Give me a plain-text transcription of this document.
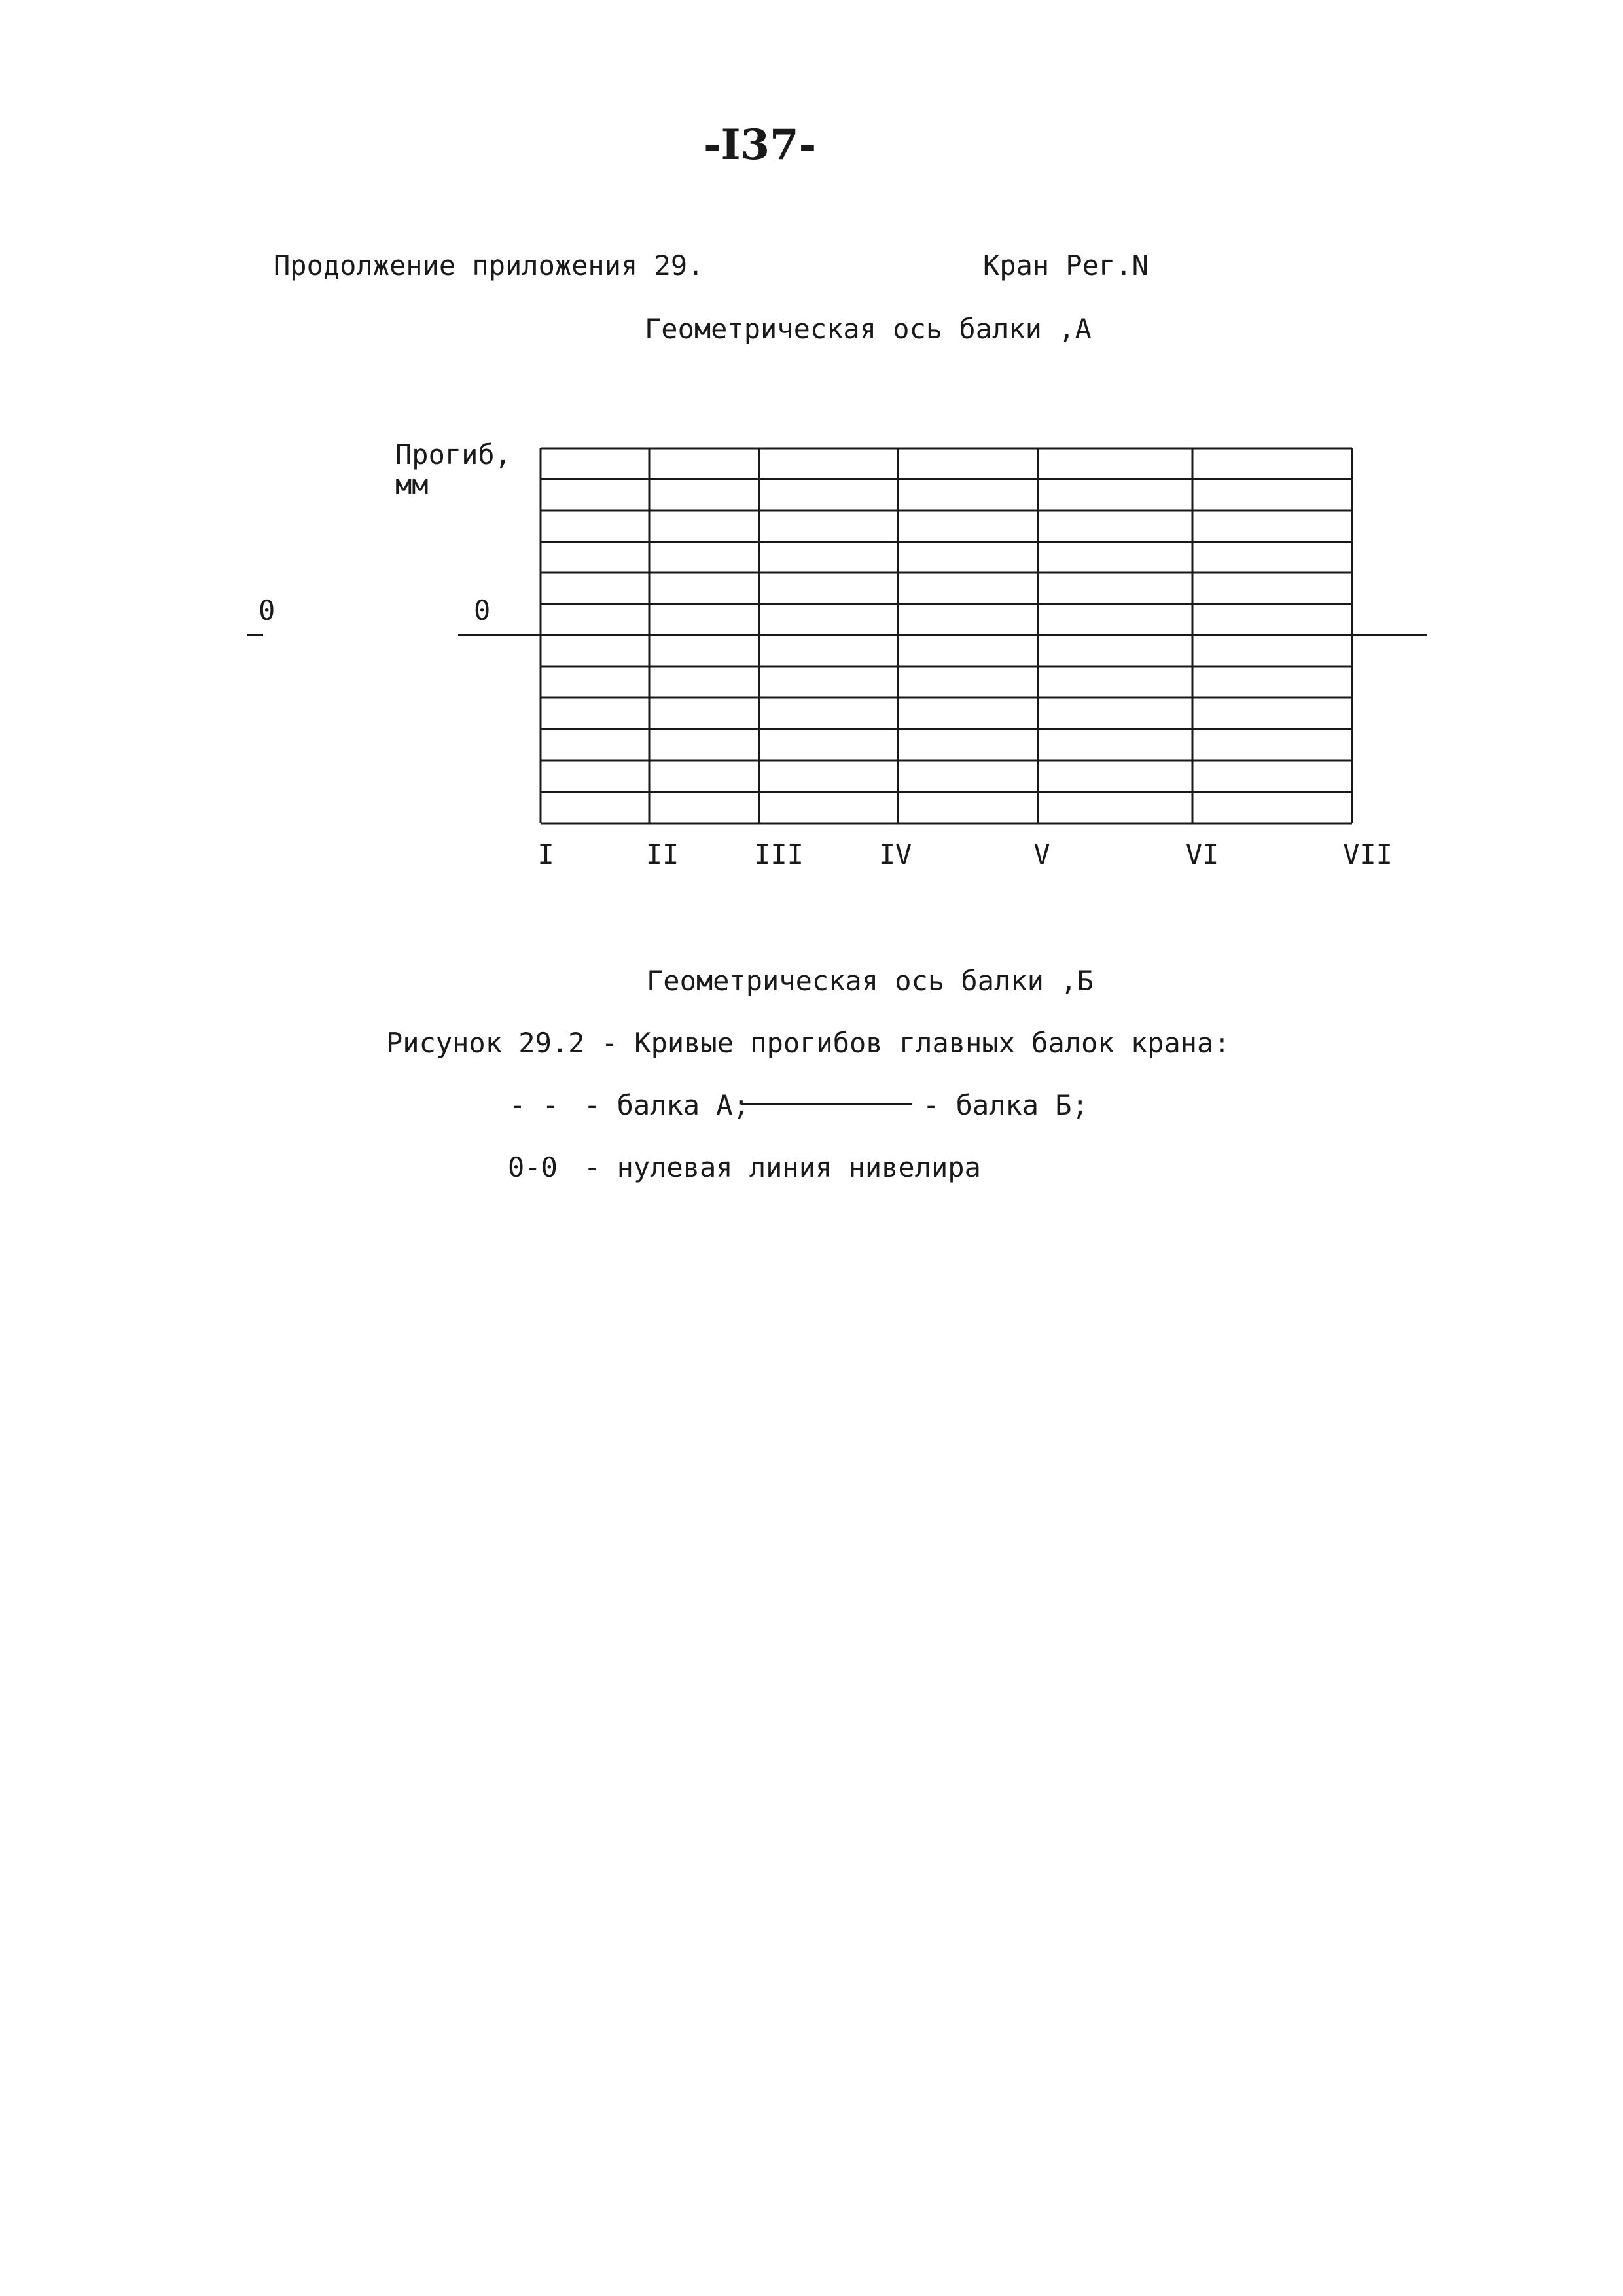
-I37-
Продолжение приложения 29.	Кран Рег.N
Геометрическая ось балки ,А
Прогиб,
мм
0	0
I	II	III	IV	V	VI	VII
Геометрическая ось балки ,Б
Рисунок 29.2 - Кривые прогибов главных балок крана:
- - - балка А;	- балка Б;
0-0 - нулевая линия нивелира
